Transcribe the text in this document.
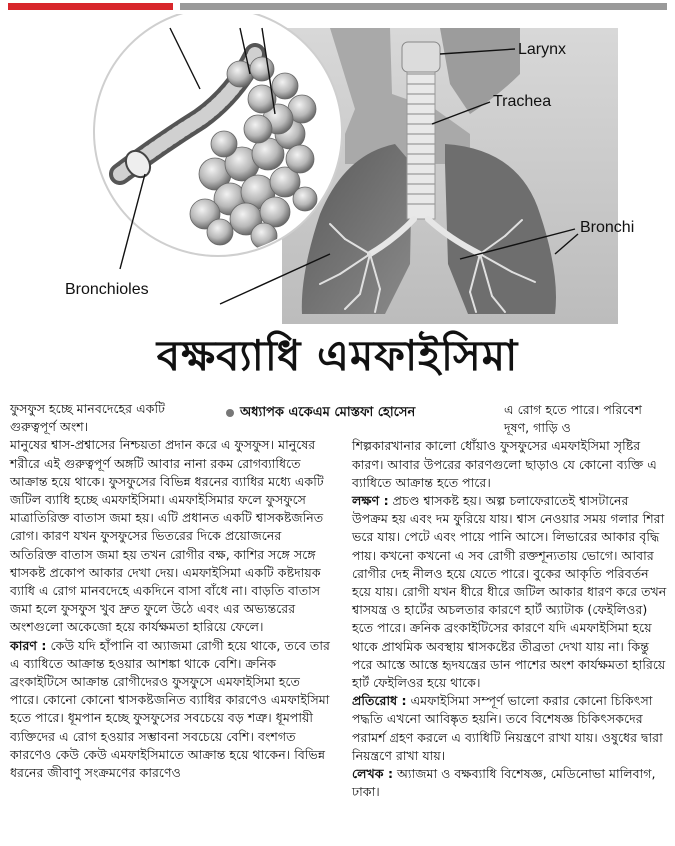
Larynx
Trachea
Bronchi
Bronchioles
বক্ষব্যাধি এমফাইসিমা
অধ্যাপক একেএম মোস্তফা হোসেন

ফুসফুস হচ্ছে মানবদেহের একটি গুরুত্বপূর্ণ অংশ।

মানুষের শ্বাস-প্রশ্বাসের নিশ্চয়তা প্রদান করে এ ফুসফুস। মানুষের শরীরে এই গুরুত্বপূর্ণ অঙ্গটি আবার নানা রকম রোগব্যাধিতে আক্রান্ত হয়ে থাকে। ফুসফুসের বিভিন্ন ধরনের ব্যাধির মধ্যে একটি জটিল ব্যাধি হচ্ছে এমফাইসিমা। এমফাইসিমার ফলে ফুসফুসে মাত্রাতিরিক্ত বাতাস জমা হয়। এটি প্রধানত একটি শ্বাসকষ্টজনিত রোগ। কারণ যখন ফুসফুসের ভিতরের দিকে প্রয়োজনের অতিরিক্ত বাতাস জমা হয় তখন রোগীর বক্ষ, কাশির সঙ্গে সঙ্গে শ্বাসকষ্ট প্রকোপ আকার দেখা দেয়। এমফাইসিমা একটি কষ্টদায়ক ব্যাধি এ রোগ মানবদেহে একদিনে বাসা বাঁধে না। বাড়তি বাতাস জমা হলে ফুসফুস খুব দ্রুত ফুলে উঠে এবং এর অভ্যন্তরের অংশগুলো অকেজো হয়ে কার্যক্ষমতা হারিয়ে ফেলে।

কারণ : কেউ যদি হাঁপানি বা অ্যাজমা রোগী হয়ে থাকে, তবে তার এ ব্যাধিতে আক্রান্ত হওয়ার আশঙ্কা থাকে বেশি। ক্রনিক ব্রংকাইটিসে আক্রান্ত রোগীদেরও ফুসফুসে এমফাইসিমা হতে পারে। কোনো কোনো শ্বাসকষ্টজনিত ব্যাধির কারণেও এমফাইসিমা হতে পারে। ধূমপান হচ্ছে ফুসফুসের সবচেয়ে বড় শত্রু। ধূমপায়ী ব্যক্তিদের এ রোগ হওয়ার সম্ভাবনা সবচেয়ে বেশি। বংশগত কারণেও কেউ কেউ এমফাইসিমাতে আক্রান্ত হয়ে থাকেন। বিভিন্ন ধরনের জীবাণু সংক্রমণের কারণেও

এ রোগ হতে পারে। পরিবেশ দূষণ, গাড়ি ও

শিল্পকারখানার কালো ধোঁয়াও ফুসফুসের এমফাইসিমা সৃষ্টির কারণ। আবার উপরের কারণগুলো ছাড়াও যে কোনো ব্যক্তি এ ব্যাধিতে আক্রান্ত হতে পারে।

লক্ষণ : প্রচণ্ড শ্বাসকষ্ট হয়। অল্প চলাফেরাতেই শ্বাসটানের উপক্রম হয় এবং দম ফুরিয়ে যায়। শ্বাস নেওয়ার সময় গলার শিরা ভরে যায়। পেটে এবং পায়ে পানি আসে। লিভারের আকার বৃদ্ধি পায়। কখনো কখনো এ সব রোগী রক্তশূন্যতায় ভোগে। আবার রোগীর দেহ নীলও হয়ে যেতে পারে। বুকের আকৃতি পরিবর্তন হয়ে যায়। রোগী যখন ধীরে ধীরে জটিল আকার ধারণ করে তখন শ্বাসযন্ত্র ও হার্টের অচলতার কারণে হার্ট অ্যাটাক (ফেইলিওর) হতে পারে। ক্রনিক ব্রংকাইটিসের কারণে যদি এমফাইসিমা হয়ে থাকে প্রাথমিক অবস্থায় শ্বাসকষ্টের তীব্রতা দেখা যায় না। কিন্তু পরে আস্তে আস্তে হৃদযন্ত্রের ডান পাশের অংশ কার্যক্ষমতা হারিয়ে হার্ট ফেইলিওর হয়ে থাকে।

প্রতিরোধ : এমফাইসিমা সম্পূর্ণ ভালো করার কোনো চিকিৎসা পদ্ধতি এখনো আবিষ্কৃত হয়নি। তবে বিশেষজ্ঞ চিকিৎসকদের পরামর্শ গ্রহণ করলে এ ব্যাধিটি নিয়ন্ত্রণে রাখা যায়। ওষুধের দ্বারা নিয়ন্ত্রণে রাখা যায়।

লেখক : অ্যাজমা ও বক্ষব্যাধি বিশেষজ্ঞ, মেডিনোভা মালিবাগ, ঢাকা।
